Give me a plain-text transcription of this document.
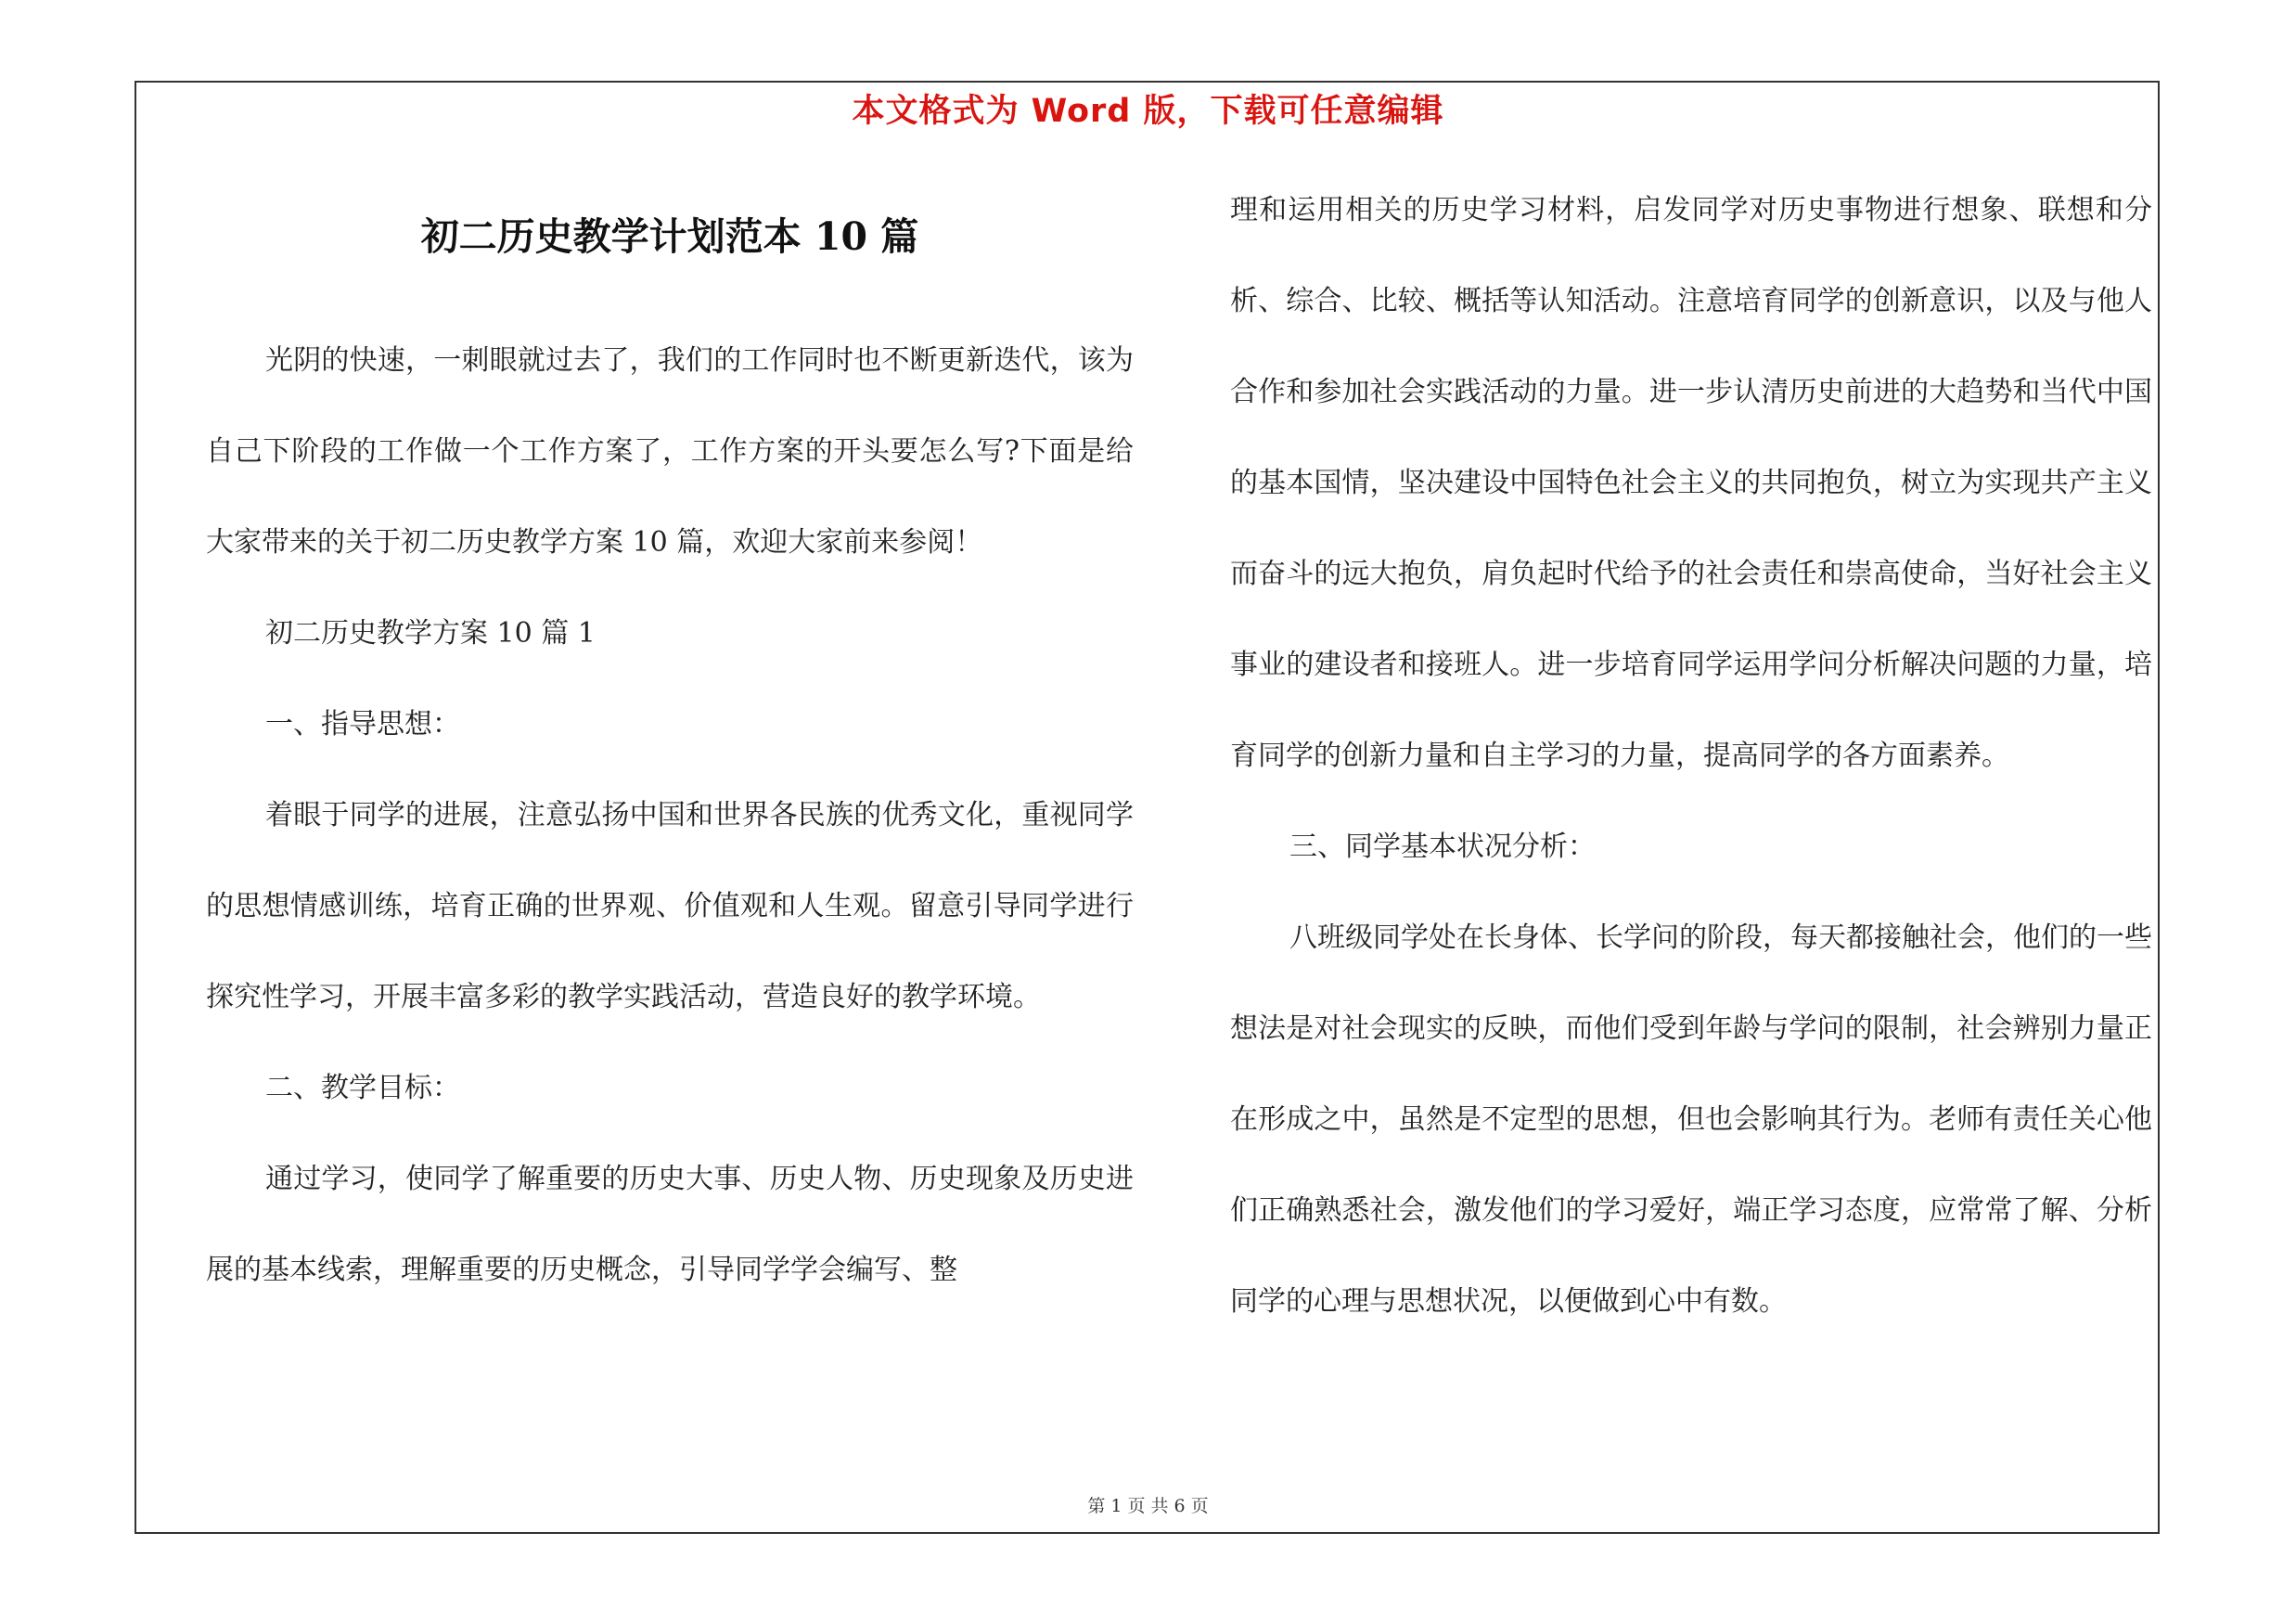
本文格式为 Word 版，下载可任意编辑
初二历史教学计划范本 10 篇

光阴的快速，一刺眼就过去了，我们的工作同时也不断更新迭代，该为自己下阶段的工作做一个工作方案了，工作方案的开头要怎么写?下面是给大家带来的关于初二历史教学方案 10 篇，欢迎大家前来参阅！

初二历史教学方案 10 篇 1

一、指导思想：

着眼于同学的进展，注意弘扬中国和世界各民族的优秀文化，重视同学的思想情感训练，培育正确的世界观、价值观和人生观。留意引导同学进行探究性学习，开展丰富多彩的教学实践活动，营造良好的教学环境。

二、教学目标：

通过学习，使同学了解重要的历史大事、历史人物、历史现象及历史进展的基本线索，理解重要的历史概念，引导同学学会编写、整

理和运用相关的历史学习材料，启发同学对历史事物进行想象、联想和分析、综合、比较、概括等认知活动。注意培育同学的创新意识，以及与他人合作和参加社会实践活动的力量。进一步认清历史前进的大趋势和当代中国的基本国情，坚决建设中国特色社会主义的共同抱负，树立为实现共产主义而奋斗的远大抱负，肩负起时代给予的社会责任和崇高使命，当好社会主义事业的建设者和接班人。进一步培育同学运用学问分析解决问题的力量，培育同学的创新力量和自主学习的力量，提高同学的各方面素养。

三、同学基本状况分析：

八班级同学处在长身体、长学问的阶段，每天都接触社会，他们的一些想法是对社会现实的反映，而他们受到年龄与学问的限制，社会辨别力量正在形成之中，虽然是不定型的思想，但也会影响其行为。老师有责任关心他们正确熟悉社会，激发他们的学习爱好，端正学习态度，应常常了解、分析同学的心理与思想状况，以便做到心中有数。

第 1 页 共 6 页
